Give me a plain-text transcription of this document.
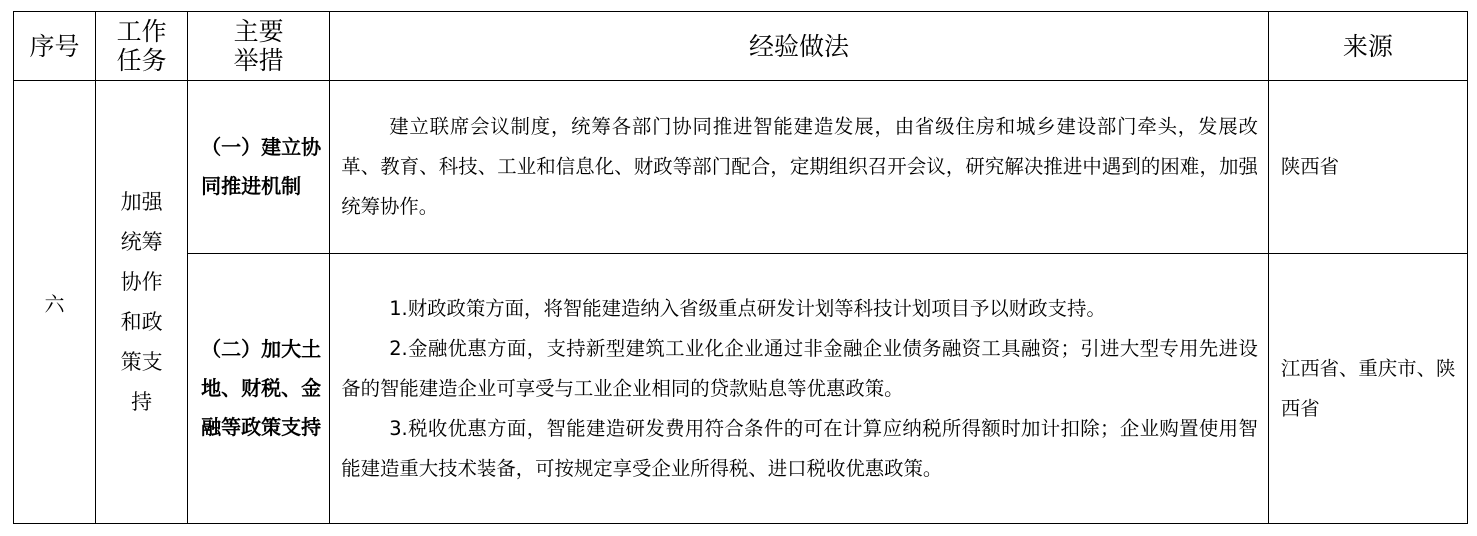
序号	工作任务	主要举措	经验做法	来源
六	加强统筹协作和政策支持	（一）建立协同推进机制	建立联席会议制度，统筹各部门协同推进智能建造发展，由省级住房和城乡建设部门牵头，发展改革、教育、科技、工业和信息化、财政等部门配合，定期组织召开会议，研究解决推进中遇到的困难，加强统筹协作。	陕西省
		（二）加大土地、财税、金融等政策支持	1.财政政策方面，将智能建造纳入省级重点研发计划等科技计划项目予以财政支持。

2.金融优惠方面，支持新型建筑工业化企业通过非金融企业债务融资工具融资；引进大型专用先进设备的智能建造企业可享受与工业企业相同的贷款贴息等优惠政策。

3.税收优惠方面，智能建造研发费用符合条件的可在计算应纳税所得额时加计扣除；企业购置使用智能建造重大技术装备，可按规定享受企业所得税、进口税收优惠政策。	江西省、重庆市、陕西省
